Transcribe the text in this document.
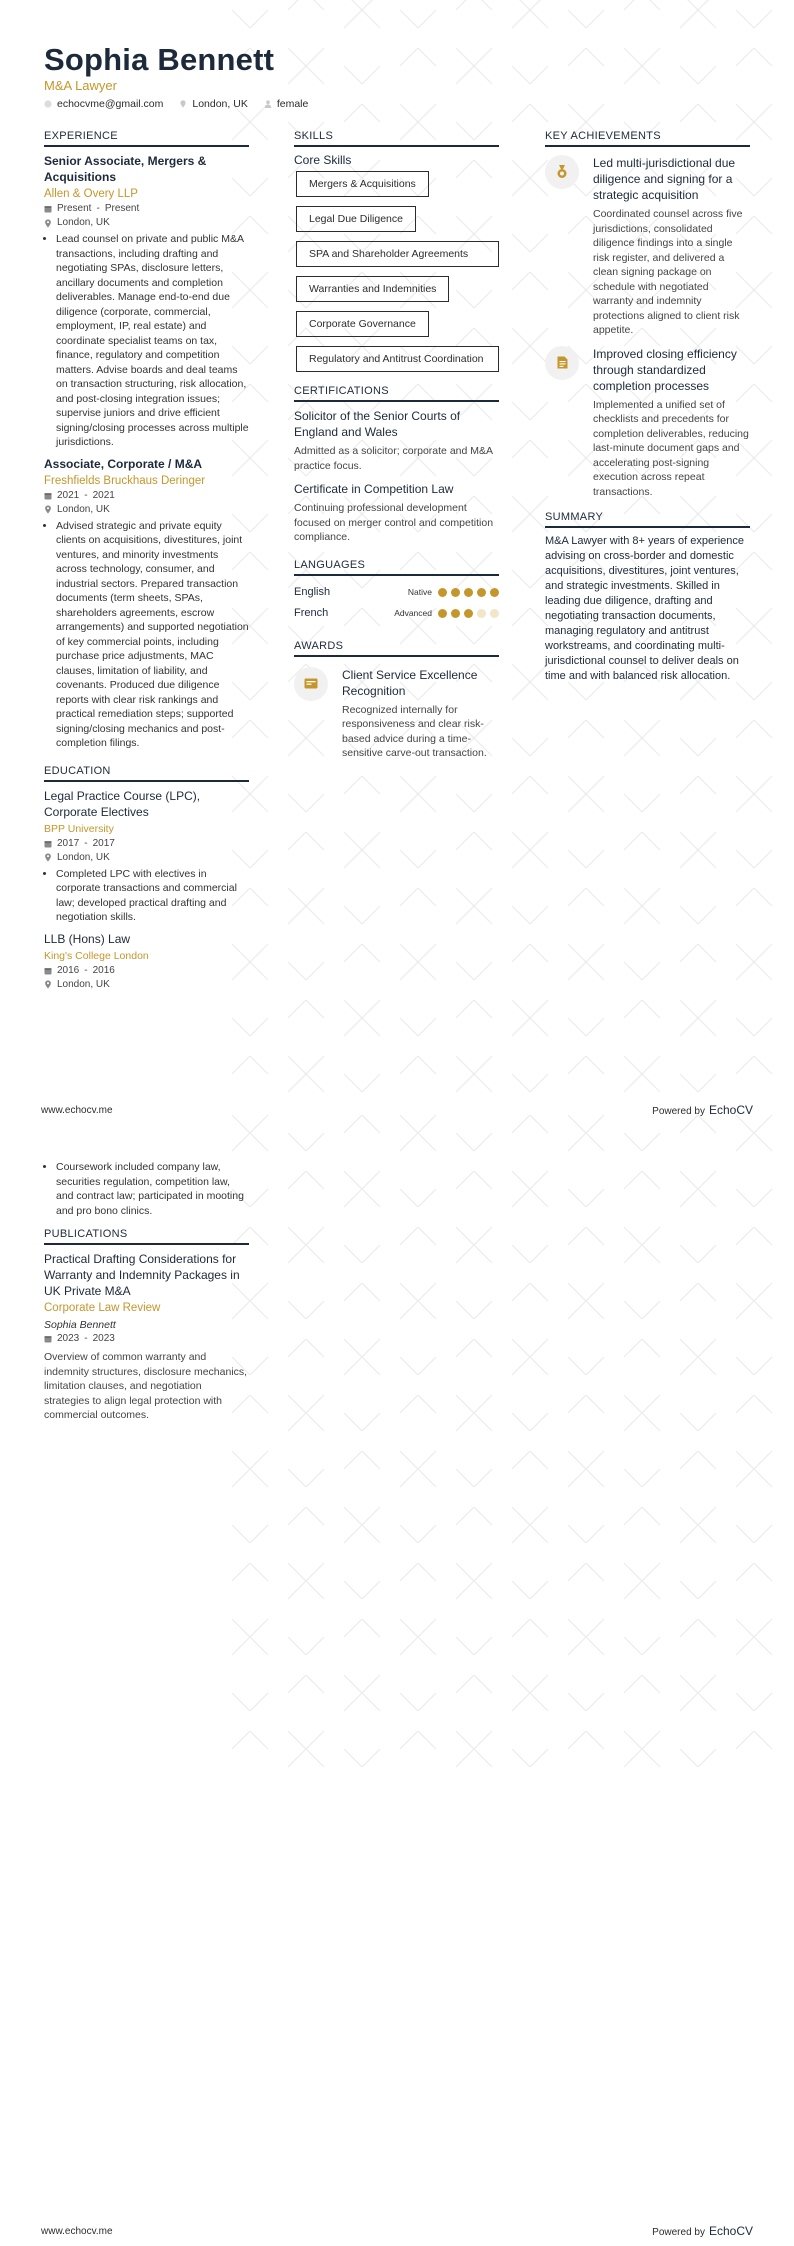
Sophia Bennett
M&A Lawyer
echocvme@gmail.com	London, UK	female
EXPERIENCE
Senior Associate, Mergers & Acquisitions
Allen & Overy LLP
Present - Present
London, UK
• Lead counsel on private and public M&A transactions, including drafting and negotiating SPAs, disclosure letters, ancillary documents and completion deliverables. Manage end-to-end due diligence (corporate, commercial, employment, IP, real estate) and coordinate specialist teams on tax, finance, regulatory and competition matters. Advise boards and deal teams on transaction structuring, risk allocation, and post-closing integration issues; supervise juniors and drive efficient signing/closing processes across multiple jurisdictions.
Associate, Corporate / M&A
Freshfields Bruckhaus Deringer
2021 - 2021
London, UK
• Advised strategic and private equity clients on acquisitions, divestitures, joint ventures, and minority investments across technology, consumer, and industrial sectors. Prepared transaction documents (term sheets, SPAs, shareholders agreements, escrow arrangements) and supported negotiation of key commercial points, including purchase price adjustments, MAC clauses, limitation of liability, and covenants. Produced due diligence reports with clear risk rankings and practical remediation steps; supported signing/closing mechanics and post-completion filings.
EDUCATION
Legal Practice Course (LPC), Corporate Electives
BPP University
2017 - 2017
London, UK
• Completed LPC with electives in corporate transactions and commercial law; developed practical drafting and negotiation skills.
LLB (Hons) Law
King's College London
2016 - 2016
London, UK
SKILLS
Core Skills
Mergers & Acquisitions
Legal Due Diligence
SPA and Shareholder Agreements
Warranties and Indemnities
Corporate Governance
Regulatory and Antitrust Coordination
CERTIFICATIONS
Solicitor of the Senior Courts of England and Wales
Admitted as a solicitor; corporate and M&A practice focus.
Certificate in Competition Law
Continuing professional development focused on merger control and competition compliance.
LANGUAGES
English	Native
French	Advanced
AWARDS
Client Service Excellence Recognition
Recognized internally for responsiveness and clear risk-based advice during a time-sensitive carve-out transaction.
KEY ACHIEVEMENTS
Led multi-jurisdictional due diligence and signing for a strategic acquisition
Coordinated counsel across five jurisdictions, consolidated diligence findings into a single risk register, and delivered a clean signing package on schedule with negotiated warranty and indemnity protections aligned to client risk appetite.
Improved closing efficiency through standardized completion processes
Implemented a unified set of checklists and precedents for completion deliverables, reducing last-minute document gaps and accelerating post-signing execution across repeat transactions.
SUMMARY
M&A Lawyer with 8+ years of experience advising on cross-border and domestic acquisitions, divestitures, joint ventures, and strategic investments. Skilled in leading due diligence, drafting and negotiating transaction documents, managing regulatory and antitrust workstreams, and coordinating multi-jurisdictional counsel to deliver deals on time and with balanced risk allocation.
www.echocv.me	Powered by EchoCV
• Coursework included company law, securities regulation, competition law, and contract law; participated in mooting and pro bono clinics.
PUBLICATIONS
Practical Drafting Considerations for Warranty and Indemnity Packages in UK Private M&A
Corporate Law Review
Sophia Bennett
2023 - 2023
Overview of common warranty and indemnity structures, disclosure mechanics, limitation clauses, and negotiation strategies to align legal protection with commercial outcomes.
www.echocv.me	Powered by EchoCV
